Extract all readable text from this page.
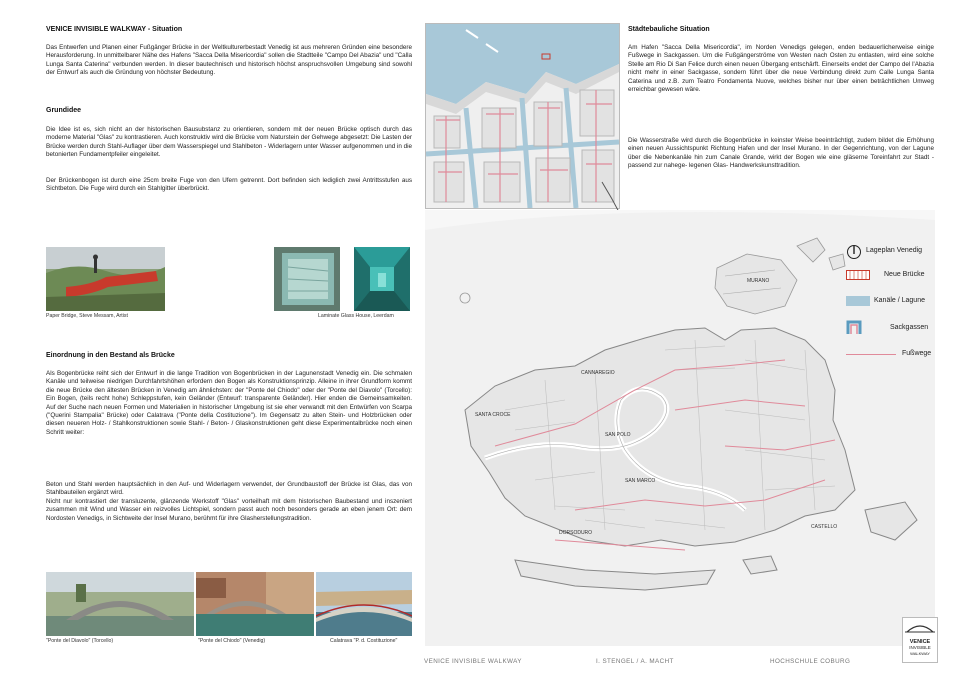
VENICE INVISIBLE WALKWAY - Situation
Das Entwerfen und Planen einer Fußgänger Brücke in der Weltkulturerbestadt Venedig ist aus mehreren Gründen eine besondere Herausforderung. In unmittelbarer Nähe des Hafens "Sacca Della Misericordia" sollen die Stadtteile "Campo Del Abazia" und "Calla Lunga Santa Caterina" verbunden werden. In dieser bautechnisch und historisch höchst anspruchsvollen Umgebung sind sowohl der Entwurf als auch die Gründung von höchster Bedeutung.
Grundidee
Die Idee ist es, sich nicht an der historischen Bausubstanz zu orientieren, sondern mit der neuen Brücke optisch durch das moderne Material "Glas" zu kontrastieren. Auch konstruktiv wird die Brücke vom Naturstein der Gehwege abgesetzt: Die Lasten der Brücke werden durch Stahl-Auflager über dem Wasserspiegel und Stahlbeton - Widerlagern unter Wasser aufgenommen und in die betonierten Fundamentpfeiler eingeleitet.
Der Brückenbogen ist durch eine 25cm breite Fuge von den Ufern getrennt. Dort befinden sich lediglich zwei Antrittsstufen aus Sichtbeton. Die Fuge wird durch ein Stahlgitter überbrückt.
Paper Bridge, Steve Messam, Artist	Laminate Glass House, Leerdam
Einordnung in den Bestand als Brücke
Als Bogenbrücke reiht sich der Entwurf in die lange Tradition von Bogenbrücken in der Lagunenstadt Venedig ein. Die schmalen Kanäle und teilweise niedrigen Durchfahrtshöhen erfordern den Bogen als Konstruktionsprinzip. Alleine in ihrer Grundform kommt die neue Brücke den ältesten Brücken in Venedig am ähnlichsten: der "Ponte del Chiodo" oder der "Ponte del Diavolo" (Torcello): Ein Bogen, (teils recht hohe) Schleppstufen, kein Geländer (Entwurf: transparente Geländer). Hier enden die Gemeinsamkeiten. Auf der Suche nach neuen Formen und Materialien in historischer Umgebung ist sie eher verwandt mit den Entwürfen von Scarpa ("Querini Stampalia" Brücke) oder Calatrava ("Ponte della Costituzione"). Im Gegensatz zu alten Stein- und Holzbrücken oder diesen neueren Holz- / Stahlkonstruktionen sowie Stahl- / Beton- / Glaskonstruktionen geht diese Experimentalbrücke noch einen Schritt weiter:
Beton und Stahl werden hauptsächlich in den Auf- und Widerlagern verwendet, der Grundbaustoff der Brücke ist Glas, das von Stahlbauteilen ergänzt wird.
Nicht nur kontrastiert der transluzente, glänzende Werkstoff "Glas" vorteilhaft mit dem historischen Baubestand und inszeniert zusammen mit Wind und Wasser ein reizvolles Lichtspiel, sondern passt auch noch besonders gerade an eben jenem Ort: dem Nordosten Venedigs, in Sichtweite der Insel Murano, berühmt für ihre Glasherstellungstradition.
"Ponte del Diavolo" (Torcello)	"Ponte del Chiodo" (Venedig)	Calatrava "P. d. Costituzione"
Städtebauliche Situation
Am Hafen "Sacca Della Misericordia", im Norden Venedigs gelegen, enden bedauerlicherweise einige Fußwege in Sackgassen. Um die Fußgängerströme von Westen nach Osten zu entlasten, wird eine solche Stelle am Rio Di San Felice durch einen neuen Übergang entschärft. Einerseits endet der Campo del l'Abazia nicht mehr in einer Sackgasse, sondern führt über die neue Verbindung direkt zum Calle Lunga Santa Caterina und z.B. zum Teatro Fondamenta Nuove, welches bisher nur über einen beträchtlichen Umweg erreichbar gewesen wäre.
Die Wasserstraße wird durch die Bogenbrücke in keinster Weise beeinträchtigt, zudem bildet die Erhöhung einen neuen Aussichtspunkt Richtung Hafen und der Insel Murano. In der Gegenrichtung, von der Lagune über die Nebenkanäle hin zum Canale Grande, wirkt der Bogen wie eine gläserne Toreinfahrt zur Stadt - passend zur nahege- legenen Glas- Handwerkskunsttradition.
MURANO
CANNAREGIO
SANTA CROCE
SAN POLO
SAN MARCO
DORSODURO
CASTELLO
Lageplan Venedig
Neue Brücke
Kanäle / Lagune
Sackgassen
Fußwege
VENICE INVISIBLE WALKWAY	I. STENGEL / A. MACHT	HOCHSCHULE COBURG
VENICE
INVISIBLE
WALKWAY
